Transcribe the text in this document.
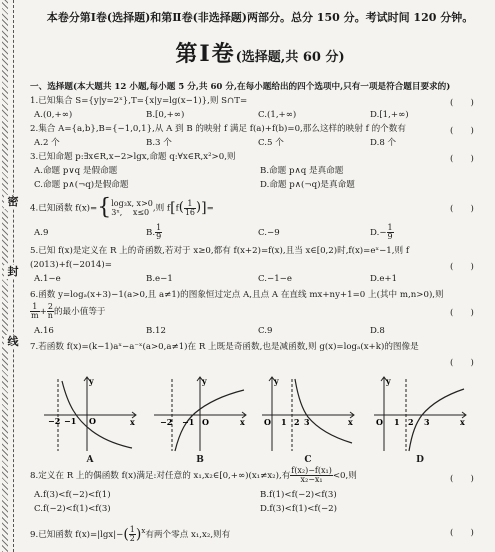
密
封
线
本卷分第Ⅰ卷(选择题)和第Ⅱ卷(非选择题)两部分。总分 150 分。考试时间 120 分钟。
第Ⅰ卷(选择题,共 60 分)
一、选择题(本大题共 12 小题,每小题 5 分,共 60 分,在每小题给出的四个选项中,只有一项是符合题目要求的)
1.已知集合 S={y|y=2ˣ},T={x|y=lg(x−1)},则 S∩T=	(　　)
A.(0,+∞)	B.[0,+∞)	C.(1,+∞)	D.[1,+∞)
2.集合 A={a,b},B={−1,0,1},从 A 到 B 的映射 f 满足 f(a)+f(b)=0,那么这样的映射 f 的个数有	(　　)
A.2 个	B.3 个	C.5 个	D.8 个
3.已知命题 p:∃x∈R,x−2>lgx,命题 q:∀x∈R,x²>0,则	(　　)
A.命题 p∨q 是假命题	B.命题 p∧q 是真命题
C.命题 p∧(¬q)是假命题	D.命题 p∧(¬q)是真命题
4.已知函数 f(x)={ log₃x, x>0
3ˣ,　 x≤0 ,则 $f[f( \frac{1}{16}$ )]=	(　　)
A.9	B. $\frac{1}{9}$	C.−9	$D.- \frac{1}{9}$
5.已知 f(x)是定义在 R 上的奇函数,若对于 x≥0,都有 f(x+2)=f(x),且当 x∈[0,2)时,f(x)=eˣ−1,则 f
(2013)+f(−2014)=	(　　)
A.1−e	B.e−1	C.−1−e	D.e+1
6.函数 y=logₐ(x+3)−1(a>0,且 a≠1)的图象恒过定点 A,且点 A 在直线 mx+ny+1=0 上(其中 m,n>0),则
$\frac{1}{m} + \frac{2}{n}$ 的最小值等于	(　　)
A.16	B.12	C.9	D.8
7.若函数 f(x)=(k−1)aˣ−a⁻ˣ(a>0,a≠1)在 R 上既是奇函数,也是减函数,则 g(x)=logₐ(x+k)的图像是
(　　)
y
x
−2 −1 O
A
y
x
−2 −1 O
B
y
x
O 1 2 3
C
y
x
O 1 2 3
D
8.定义在 R 上的偶函数 f(x)满足:对任意的 x₁,x₂∈[0,+∞)(x₁≠x₂),有 $\frac{\text{f(x₂)−f(x₁)}}{\text{x₂−x₁}} <0$,则	(　　)
A.f(3)<f(−2)<f(1)	B.f(1)<f(−2)<f(3)
C.f(−2)<f(1)<f(3)	D.f(3)<f(1)<f(−2)
9.已知函数 $f(x)=|\lg x|-( \frac{1}{2} )^x$有两个零点 x₁,x₂,则有	(　　)
